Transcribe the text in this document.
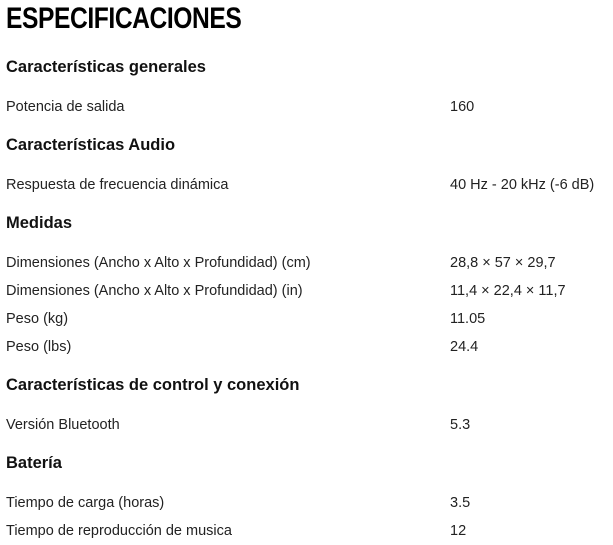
ESPECIFICACIONES
Características generales
Potencia de salida	160
Características Audio
Respuesta de frecuencia dinámica	40 Hz - 20 kHz (-6 dB)
Medidas
Dimensiones (Ancho x Alto x Profundidad) (cm)	28,8 × 57 × 29,7
Dimensiones (Ancho x Alto x Profundidad) (in)	11,4 × 22,4 × 11,7
Peso (kg)	11.05
Peso (lbs)	24.4
Características de control y conexión
Versión Bluetooth	5.3
Batería
Tiempo de carga (horas)	3.5
Tiempo de reproducción de musica	12
